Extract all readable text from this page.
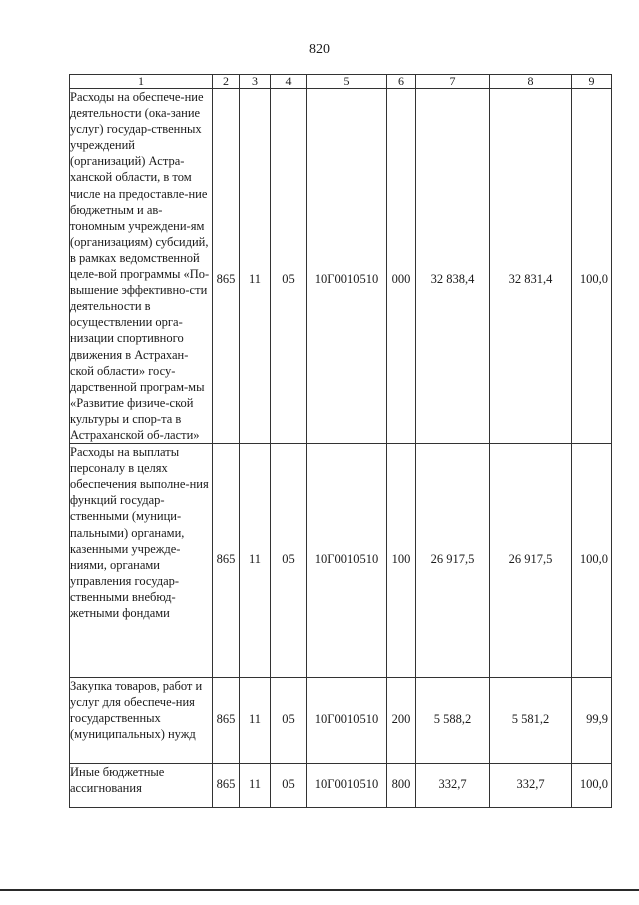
820
1	2	3	4	5	6	7	8	9
Расходы на обеспече-ние деятельности (ока-зание услуг) государ-ственных учреждений (организаций) Астра-ханской области, в том числе на предоставле-ние бюджетным и ав-тономным учреждени-ям (организациям) субсидий, в рамках ведомственной целе-вой программы «По-вышение эффективно-сти деятельности в осуществлении орга-низации спортивного движения в Астрахан-ской области» госу-дарственной програм-мы «Развитие физиче-ской культуры и спор-та в Астраханской об-ласти»	865	11	05	10Г0010510	000	32 838,4	32 831,4	100,0

Расходы на выплаты персоналу в целях обеспечения выполне-ния функций государ-ственными (муници-пальными) органами, казенными учрежде-ниями, органами управления государ-ственными внебюд-жетными фондами	865	11	05	10Г0010510	100	26 917,5	26 917,5	100,0

Закупка товаров, работ и услуг для обеспече-ния государственных (муниципальных) нужд	865	11	05	10Г0010510	200	5 588,2	5 581,2	99,9

Иные бюджетные ассигнования	865	11	05	10Г0010510	800	332,7	332,7	100,0
